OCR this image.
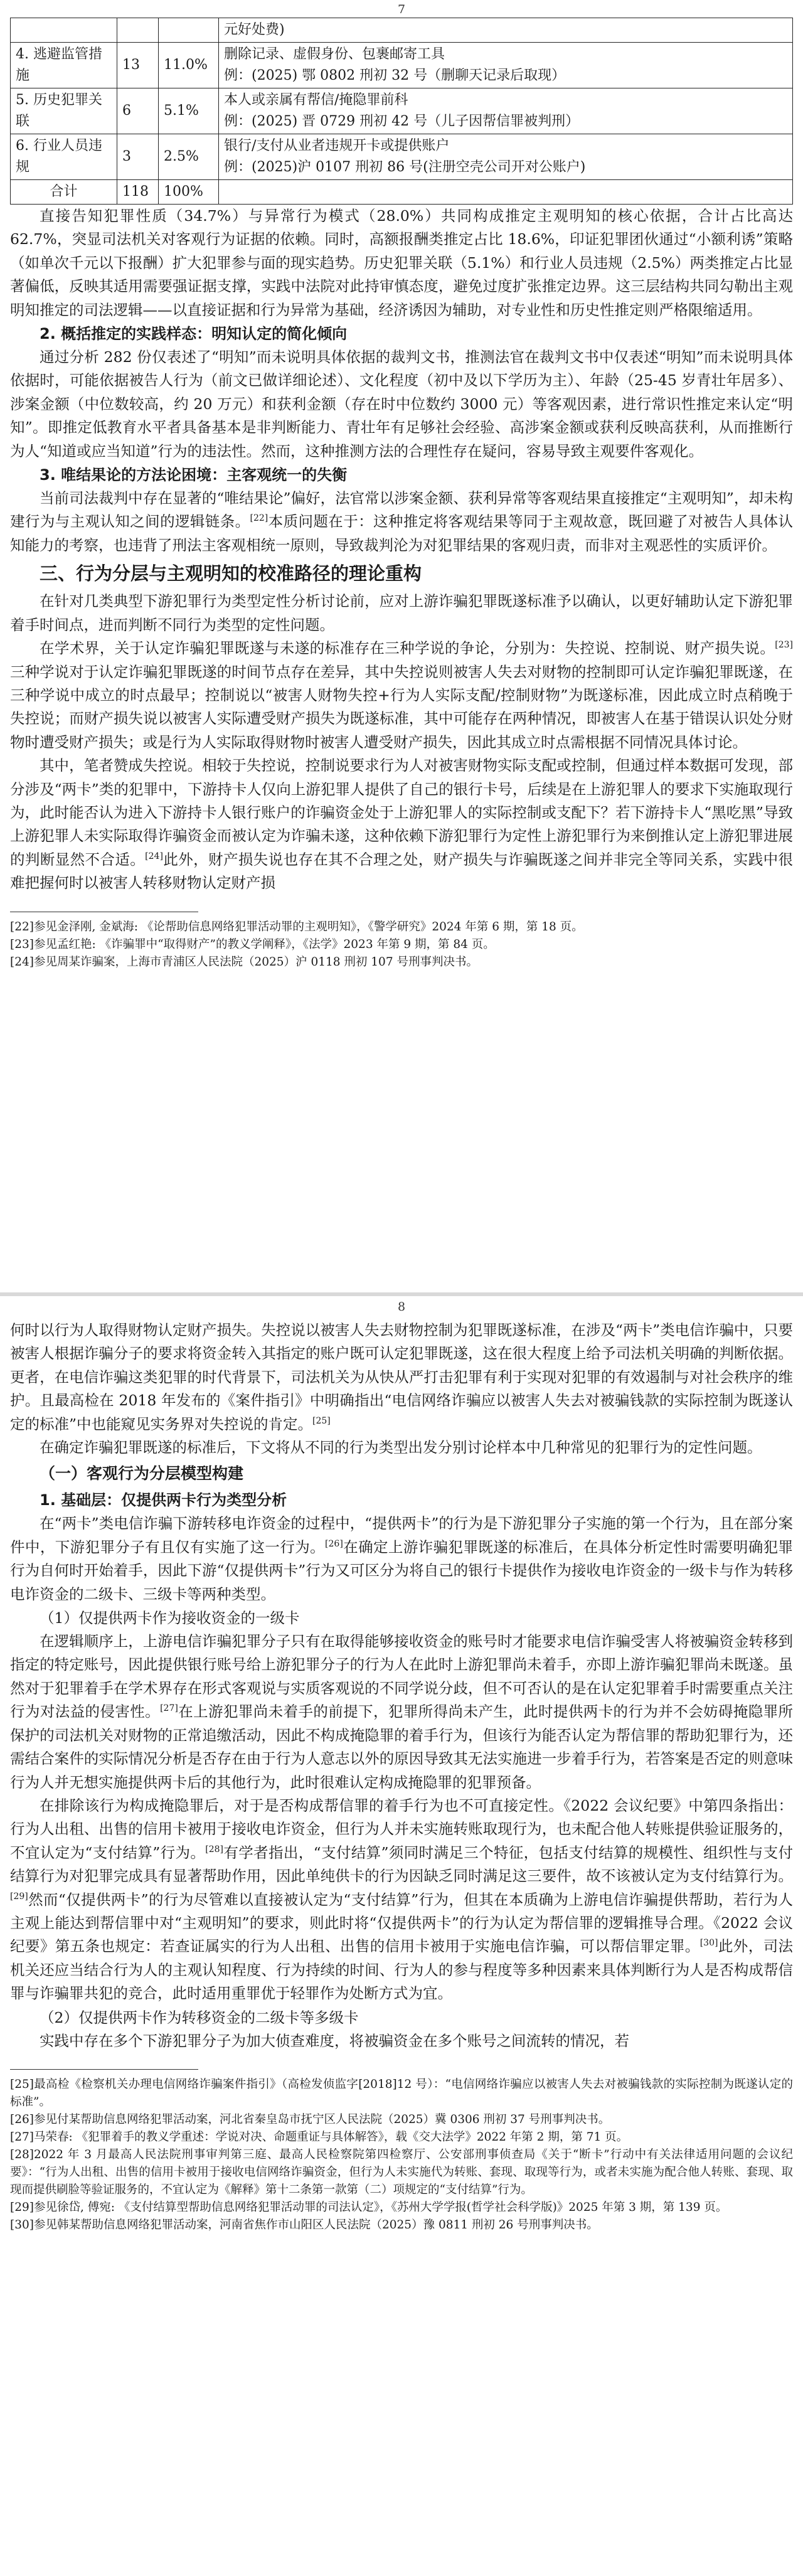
7
			元好处费)
4. 逃避监管措施	13	11.0%	删除记录、虚假身份、包裹邮寄工具
例：(2025) 鄂 0802 刑初 32 号（删聊天记录后取现）
5. 历史犯罪关联	6	5.1%	本人或亲属有帮信/掩隐罪前科
例：(2025) 晋 0729 刑初 42 号（儿子因帮信罪被判刑）
6. 行业人员违规	3	2.5%	银行/支付从业者违规开卡或提供账户
例：(2025)沪 0107 刑初 86 号(注册空壳公司开对公账户)
合计	118	100%	

直接告知犯罪性质（34.7%）与异常行为模式（28.0%）共同构成推定主观明知的核心依据，合计占比高达 62.7%，突显司法机关对客观行为证据的依赖。同时，高额报酬类推定占比 18.6%，印证犯罪团伙通过“小额利诱”策略（如单次千元以下报酬）扩大犯罪参与面的现实趋势。历史犯罪关联（5.1%）和行业人员违规（2.5%）两类推定占比显著偏低，反映其适用需要强证据支撑，实践中法院对此持审慎态度，避免过度扩张推定边界。这三层结构共同勾勒出主观明知推定的司法逻辑——以直接证据和行为异常为基础，经济诱因为辅助，对专业性和历史性推定则严格限缩适用。

2. 概括推定的实践样态：明知认定的简化倾向

通过分析 282 份仅表述了“明知”而未说明具体依据的裁判文书，推测法官在裁判文书中仅表述“明知”而未说明具体依据时，可能依据被告人行为（前文已做详细论述）、文化程度（初中及以下学历为主）、年龄（25-45 岁青壮年居多）、涉案金额（中位数较高，约 20 万元）和获利金额（存在时中位数约 3000 元）等客观因素，进行常识性推定来认定“明知”。即推定低教育水平者具备基本是非判断能力、青壮年有足够社会经验、高涉案金额或获利反映高获利，从而推断行为人“知道或应当知道”行为的违法性。然而，这种推测方法的合理性存在疑问，容易导致主观要件客观化。

3. 唯结果论的方法论困境：主客观统一的失衡

当前司法裁判中存在显著的“唯结果论”偏好，法官常以涉案金额、获利异常等客观结果直接推定“主观明知”，却未构建行为与主观认知之间的逻辑链条。[22]本质问题在于：这种推定将客观结果等同于主观故意，既回避了对被告人具体认知能力的考察，也违背了刑法主客观相统一原则，导致裁判沦为对犯罪结果的客观归责，而非对主观恶性的实质评价。

三、行为分层与主观明知的校准路径的理论重构

在针对几类典型下游犯罪行为类型定性分析讨论前，应对上游诈骗犯罪既遂标准予以确认，以更好辅助认定下游犯罪着手时间点，进而判断不同行为类型的定性问题。

在学术界，关于认定诈骗犯罪既遂与未遂的标准存在三种学说的争论，分别为：失控说、控制说、财产损失说。[23]三种学说对于认定诈骗犯罪既遂的时间节点存在差异，其中失控说则被害人失去对财物的控制即可认定诈骗犯罪既遂，在三种学说中成立的时点最早；控制说以“被害人财物失控+行为人实际支配/控制财物”为既遂标准，因此成立时点稍晚于失控说；而财产损失说以被害人实际遭受财产损失为既遂标准，其中可能存在两种情况，即被害人在基于错误认识处分财物时遭受财产损失；或是行为人实际取得财物时被害人遭受财产损失，因此其成立时点需根据不同情况具体讨论。

其中，笔者赞成失控说。相较于失控说，控制说要求行为人对被害财物实际支配或控制，但通过样本数据可发现，部分涉及“两卡”类的犯罪中，下游持卡人仅向上游犯罪人提供了自己的银行卡号，后续是在上游犯罪人的要求下实施取现行为，此时能否认为进入下游持卡人银行账户的诈骗资金处于上游犯罪人的实际控制或支配下？若下游持卡人“黑吃黑”导致上游犯罪人未实际取得诈骗资金而被认定为诈骗未遂，这种依赖下游犯罪行为定性上游犯罪行为来倒推认定上游犯罪进展的判断显然不合适。[24]此外，财产损失说也存在其不合理之处，财产损失与诈骗既遂之间并非完全等同关系，实践中很难把握何时以被害人转移财物认定财产损

[22]参见金泽刚, 金斌海: 《论帮助信息网络犯罪活动罪的主观明知》，《警学研究》2024 年第 6 期，第 18 页。

[23]参见孟红艳: 《诈骗罪中“取得财产”的教义学阐释》，《法学》2023 年第 9 期，第 84 页。

[24]参见周某诈骗案，上海市青浦区人民法院（2025）沪 0118 刑初 107 号刑事判决书。

8

何时以行为人取得财物认定财产损失。失控说以被害人失去财物控制为犯罪既遂标准，在涉及“两卡”类电信诈骗中，只要被害人根据诈骗分子的要求将资金转入其指定的账户既可认定犯罪既遂，这在很大程度上给予司法机关明确的判断依据。更者，在电信诈骗这类犯罪的时代背景下，司法机关为从快从严打击犯罪有利于实现对犯罪的有效遏制与对社会秩序的维护。且最高检在 2018 年发布的《案件指引》中明确指出“电信网络诈骗应以被害人失去对被骗钱款的实际控制为既遂认定的标准”中也能窥见实务界对失控说的肯定。[25]

在确定诈骗犯罪既遂的标准后，下文将从不同的行为类型出发分别讨论样本中几种常见的犯罪行为的定性问题。

（一）客观行为分层模型构建

1. 基础层：仅提供两卡行为类型分析

在“两卡”类电信诈骗下游转移电诈资金的过程中，“提供两卡”的行为是下游犯罪分子实施的第一个行为，且在部分案件中，下游犯罪分子有且仅有实施了这一行为。[26]在确定上游诈骗犯罪既遂的标准后，在具体分析定性时需要明确犯罪行为自何时开始着手，因此下游“仅提供两卡”行为又可区分为将自己的银行卡提供作为接收电诈资金的一级卡与作为转移电诈资金的二级卡、三级卡等两种类型。

（1）仅提供两卡作为接收资金的一级卡

在逻辑顺序上，上游电信诈骗犯罪分子只有在取得能够接收资金的账号时才能要求电信诈骗受害人将被骗资金转移到指定的特定账号，因此提供银行账号给上游犯罪分子的行为人在此时上游犯罪尚未着手，亦即上游诈骗犯罪尚未既遂。虽然对于犯罪着手在学术界存在形式客观说与实质客观说的不同学说分歧，但不可否认的是在认定犯罪着手时需要重点关注行为对法益的侵害性。[27]在上游犯罪尚未着手的前提下，犯罪所得尚未产生，此时提供两卡的行为并不会妨碍掩隐罪所保护的司法机关对财物的正常追缴活动，因此不构成掩隐罪的着手行为，但该行为能否认定为帮信罪的帮助犯罪行为，还需结合案件的实际情况分析是否存在由于行为人意志以外的原因导致其无法实施进一步着手行为，若答案是否定的则意味行为人并无想实施提供两卡后的其他行为，此时很难认定构成掩隐罪的犯罪预备。

在排除该行为构成掩隐罪后，对于是否构成帮信罪的着手行为也不可直接定性。《2022 会议纪要》中第四条指出：行为人出租、出售的信用卡被用于接收电诈资金，但行为人并未实施转账取现行为，也未配合他人转账提供验证服务的，不宜认定为“支付结算”行为。[28]有学者指出，“支付结算”须同时满足三个特征，包括支付结算的规模性、组织性与支付结算行为对犯罪完成具有显著帮助作用，因此单纯供卡的行为因缺乏同时满足这三要件，故不该被认定为支付结算行为。[29]然而“仅提供两卡”的行为尽管难以直接被认定为“支付结算”行为，但其在本质确为上游电信诈骗提供帮助，若行为人主观上能达到帮信罪中对“主观明知”的要求，则此时将“仅提供两卡”的行为认定为帮信罪的逻辑推导合理。《2022 会议纪要》第五条也规定：若查证属实的行为人出租、出售的信用卡被用于实施电信诈骗，可以帮信罪定罪。[30]此外，司法机关还应当结合行为人的主观认知程度、行为持续的时间、行为人的参与程度等多种因素来具体判断行为人是否构成帮信罪与诈骗罪共犯的竞合，此时适用重罪优于轻罪作为处断方式为宜。

（2）仅提供两卡作为转移资金的二级卡等多级卡

实践中存在多个下游犯罪分子为加大侦查难度，将被骗资金在多个账号之间流转的情况，若

[25]最高检《检察机关办理电信网络诈骗案件指引》（高检发侦监字[2018]12 号）：“电信网络诈骗应以被害人失去对被骗钱款的实际控制为既遂认定的标准”。

[26]参见付某帮助信息网络犯罪活动案，河北省秦皇岛市抚宁区人民法院（2025）冀 0306 刑初 37 号刑事判决书。

[27]马荣春: 《犯罪着手的教义学重述：学说对决、命题重证与具体解答》，载《交大法学》2022 年第 2 期，第 71 页。

[28]2022 年 3 月最高人民法院刑事审判第三庭、最高人民检察院第四检察厅、公安部刑事侦查局《关于“断卡”行动中有关法律适用问题的会议纪要》：“行为人出租、出售的信用卡被用于接收电信网络诈骗资金，但行为人未实施代为转账、套现、取现等行为，或者未实施为配合他人转账、套现、取现而提供刷脸等验证服务的，不宜认定为《解释》第十二条第一款第（二）项规定的“支付结算”行为。

[29]参见徐岱, 傅宛: 《支付结算型帮助信息网络犯罪活动罪的司法认定》，《苏州大学学报(哲学社会科学版)》2025 年第 3 期，第 139 页。

[30]参见韩某帮助信息网络犯罪活动案，河南省焦作市山阳区人民法院（2025）豫 0811 刑初 26 号刑事判决书。
